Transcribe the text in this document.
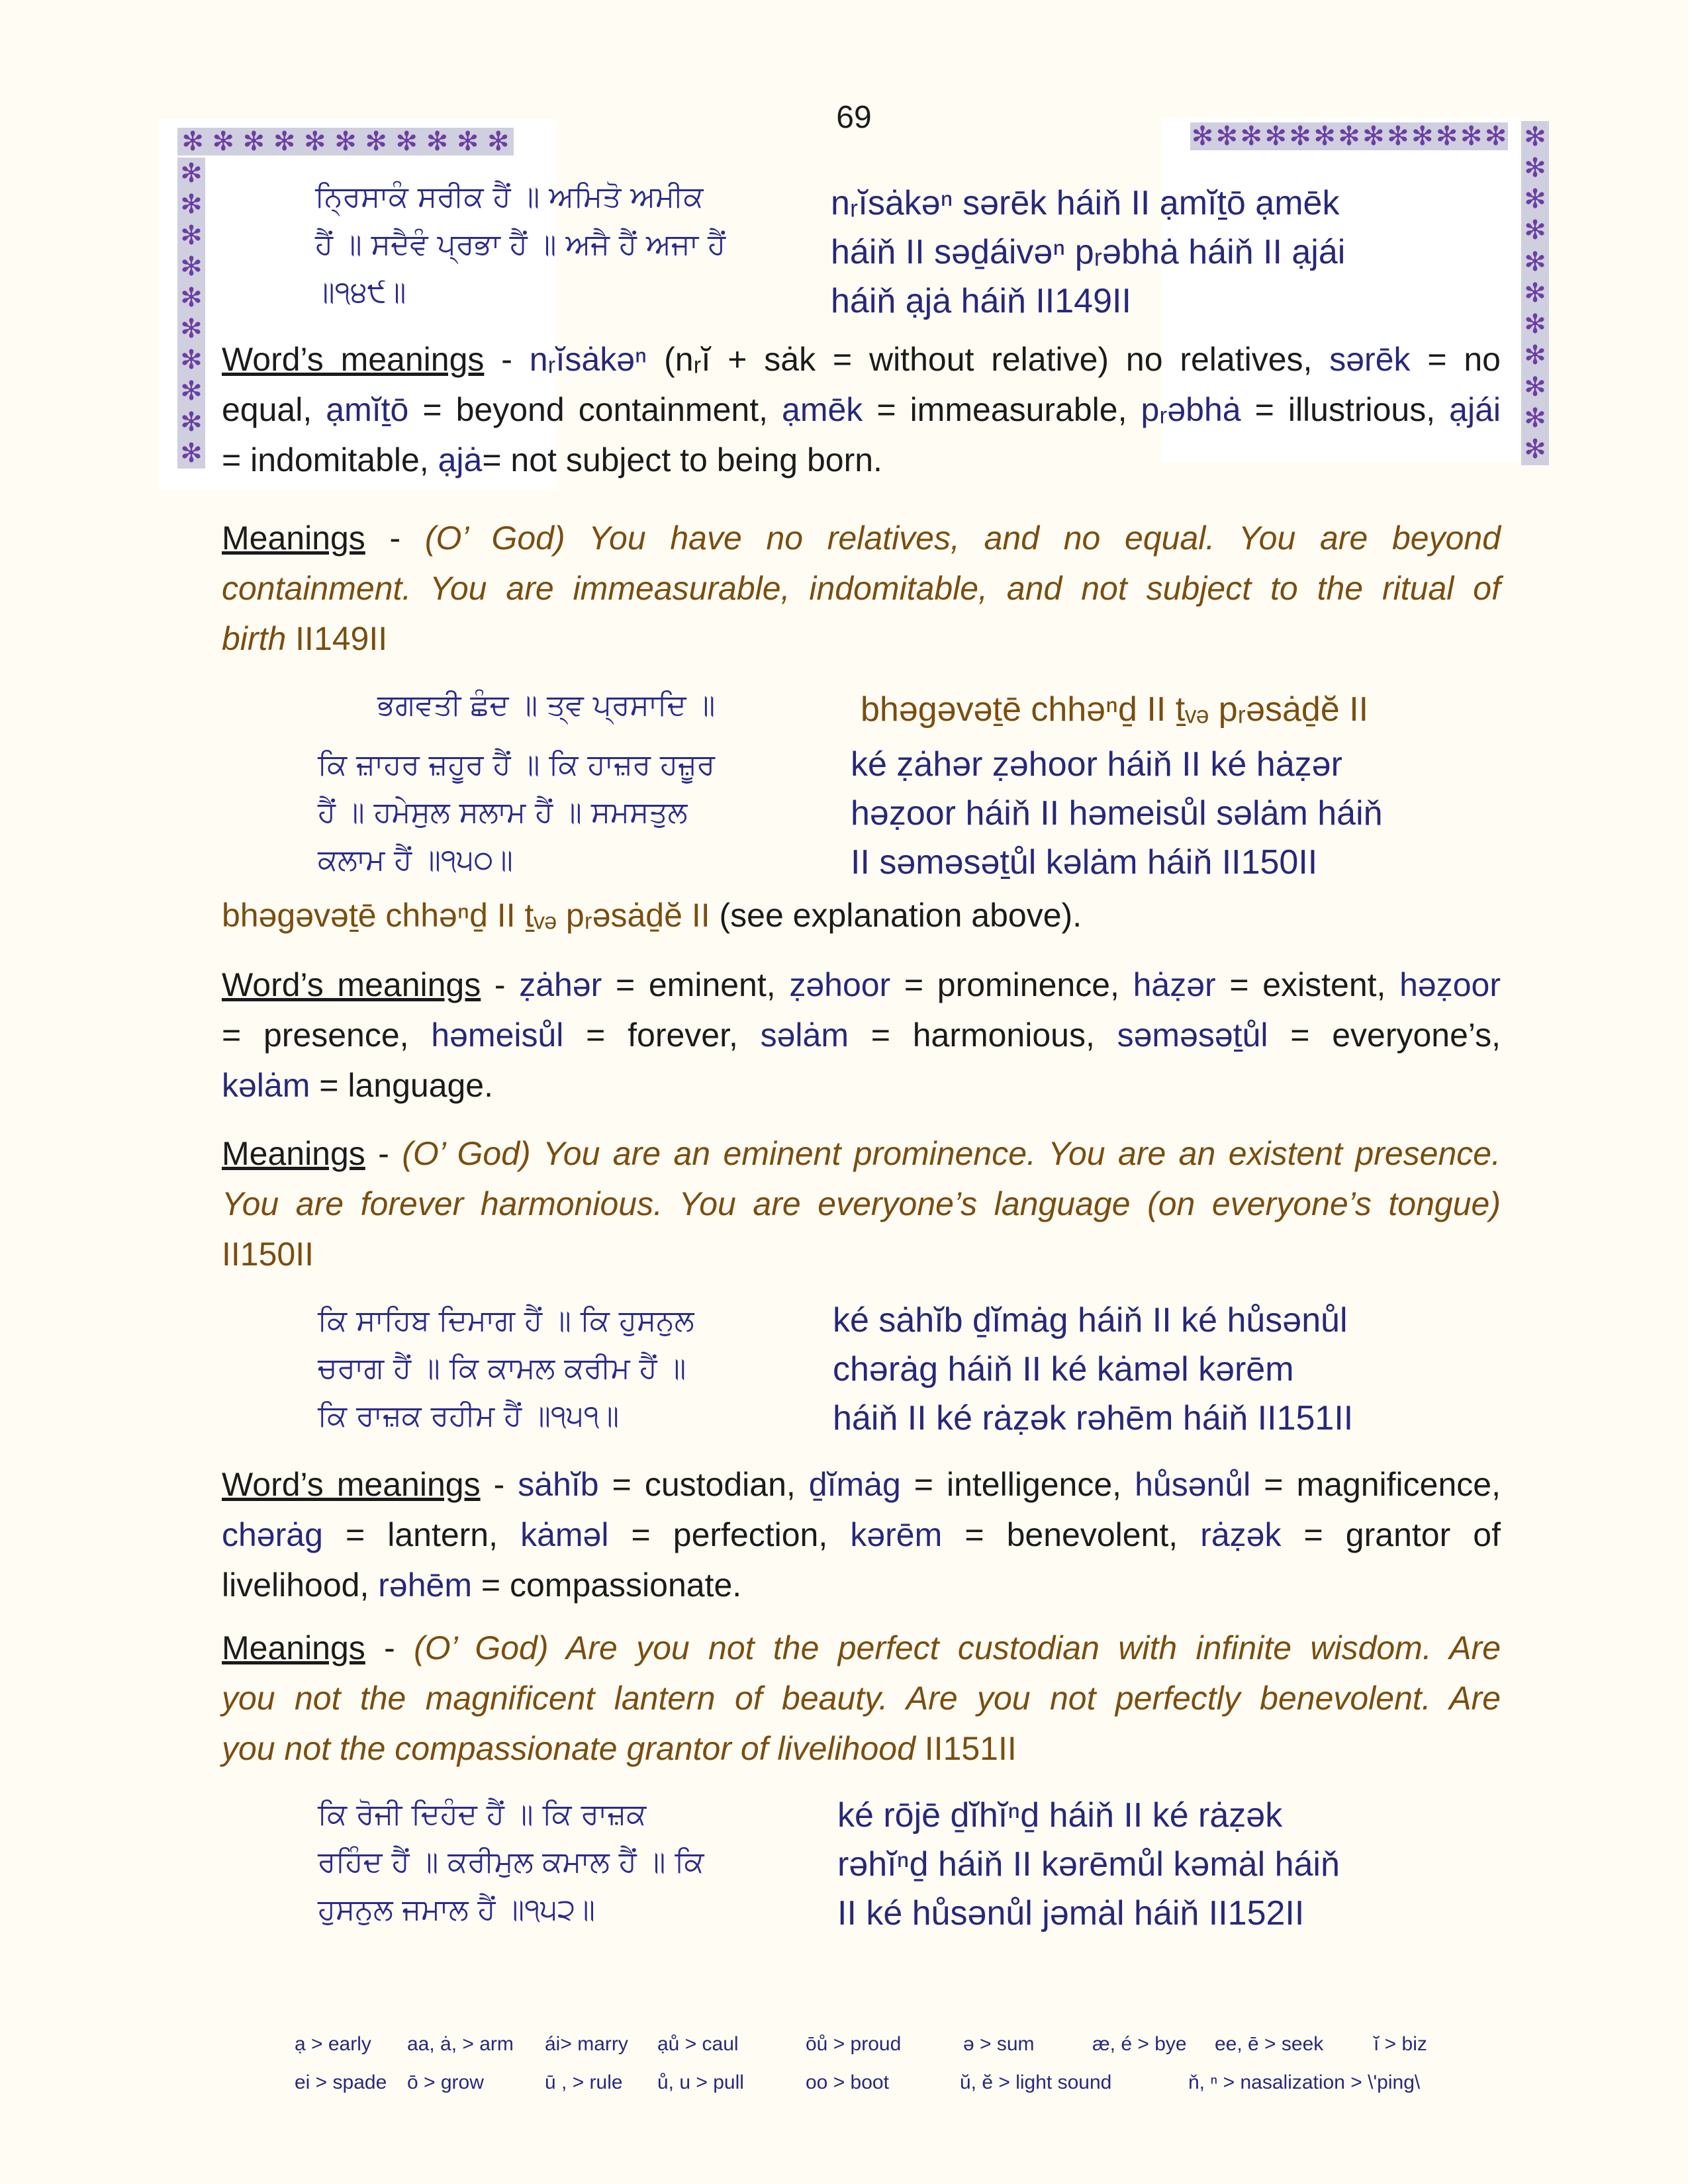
69
✻ ✻ ✻ ✻ ✻ ✻ ✻ ✻ ✻ ✻ ✻
✻
✻
✻
✻
✻
✻
✻
✻
✻
✻
✻ ✻ ✻ ✻ ✻ ✻ ✻ ✻ ✻ ✻ ✻ ✻ ✻ ✻
✻
✻
✻
✻
✻
✻
✻
✻
✻
✻
ਨ੍ਰਿਸਾਕੰ ਸਰੀਕ ਹੈਂ ॥ ਅਮਿਤੋ ਅਮੀਕ
ਹੈਂ ॥ ਸਦੈਵੰ ਪ੍ਰਭਾ ਹੈਂ ॥ ਅਜੈ ਹੈਂ ਅਜਾ ਹੈਂ
॥੧੪੯॥
nᵣĭsȧkəⁿ sərēk háiň II ạmĭṯō ạmēk
háiň II səḏáivəⁿ pᵣəbhȧ háiň II ạjái
háiň ạjȧ háiň II149II
Word’s meanings - nᵣĭsȧkəⁿ (nᵣĭ + sȧk = without relative) no relatives, sərēk = no
equal, ạmĭṯō = beyond containment, ạmēk = immeasurable, pᵣəbhȧ = illustrious, ạjái
= indomitable, ạjȧ= not subject to being born.
Meanings - (O’ God) You have no relatives, and no equal. You are beyond
containment. You are immeasurable, indomitable, and not subject to the ritual of
birth II149II
ਭਗਵਤੀ ਛੰਦ ॥ ਤ੍ਵ ਪ੍ਰਸਾਦਿ ॥	bhəgəvəṯē chhəⁿḏ II ṯᵥₔ pᵣəsȧḏĕ II
ਕਿ ਜ਼ਾਹਰ ਜ਼ਹੂਰ ਹੈਂ ॥ ਕਿ ਹਾਜ਼ਰ ਹਜ਼ੂਰ
ਹੈਂ ॥ ਹਮੇਸੁਲ ਸਲਾਮ ਹੈਂ ॥ ਸਮਸਤੁਲ
ਕਲਾਮ ਹੈਂ ॥੧੫੦॥
ké ẓȧhər ẓəhoor háiň II ké hȧẓər
həẓoor háiň II həmeisůl səlȧm háiň
II səməsəṯůl kəlȧm háiň II150II
bhəgəvəṯē chhəⁿḏ II ṯᵥₔ pᵣəsȧḏĕ II (see explanation above).
Word’s meanings - ẓȧhər = eminent, ẓəhoor = prominence, hȧẓər = existent, həẓoor
= presence, həmeisůl = forever, səlȧm = harmonious, səməsəṯůl = everyone’s,
kəlȧm = language.
Meanings - (O’ God) You are an eminent prominence. You are an existent presence.
You are forever harmonious. You are everyone’s language (on everyone’s tongue)
II150II
ਕਿ ਸਾਹਿਬ ਦਿਮਾਗ ਹੈਂ ॥ ਕਿ ਹੁਸਨੁਲ
ਚਰਾਗ ਹੈਂ ॥ ਕਿ ਕਾਮਲ ਕਰੀਮ ਹੈਂ ॥
ਕਿ ਰਾਜ਼ਕ ਰਹੀਮ ਹੈਂ ॥੧੫੧॥
ké sȧhĭb ḏĭmȧg háiň II ké hůsənůl
chərȧg háiň II ké kȧməl kərēm
háiň II ké rȧẓək rəhēm háiň II151II
Word’s meanings - sȧhĭb = custodian, ḏĭmȧg = intelligence, hůsənůl = magnificence,
chərȧg = lantern, kȧməl = perfection, kərēm = benevolent, rȧẓək = grantor of
livelihood, rəhēm = compassionate.
Meanings - (O’ God) Are you not the perfect custodian with infinite wisdom. Are
you not the magnificent lantern of beauty. Are you not perfectly benevolent. Are
you not the compassionate grantor of livelihood II151II
ਕਿ ਰੋਜੀ ਦਿਹੰਦ ਹੈਂ ॥ ਕਿ ਰਾਜ਼ਕ
ਰਹਿੰਦ ਹੈਂ ॥ ਕਰੀਮੁਲ ਕਮਾਲ ਹੈਂ ॥ ਕਿ
ਹੁਸਨੁਲ ਜਮਾਲ ਹੈਂ ॥੧੫੨॥
ké rōjē ḏĭhĭⁿḏ háiň II ké rȧẓək
rəhĭⁿḏ háiň II kərēmůl kəmȧl háiň
II ké hůsənůl jəmȧl háiň II152II
ạ > early aa, ȧ, > arm ái> marry ạů > caul	ōů > proud	ə > sum	æ, é > bye ee, ē > seek	ĭ > biz
ei > spade ō > grow	ū , > rule ů, u > pull	oo > boot	ŭ, ĕ > light sound	ň, ⁿ > nasalization > \'ping\
